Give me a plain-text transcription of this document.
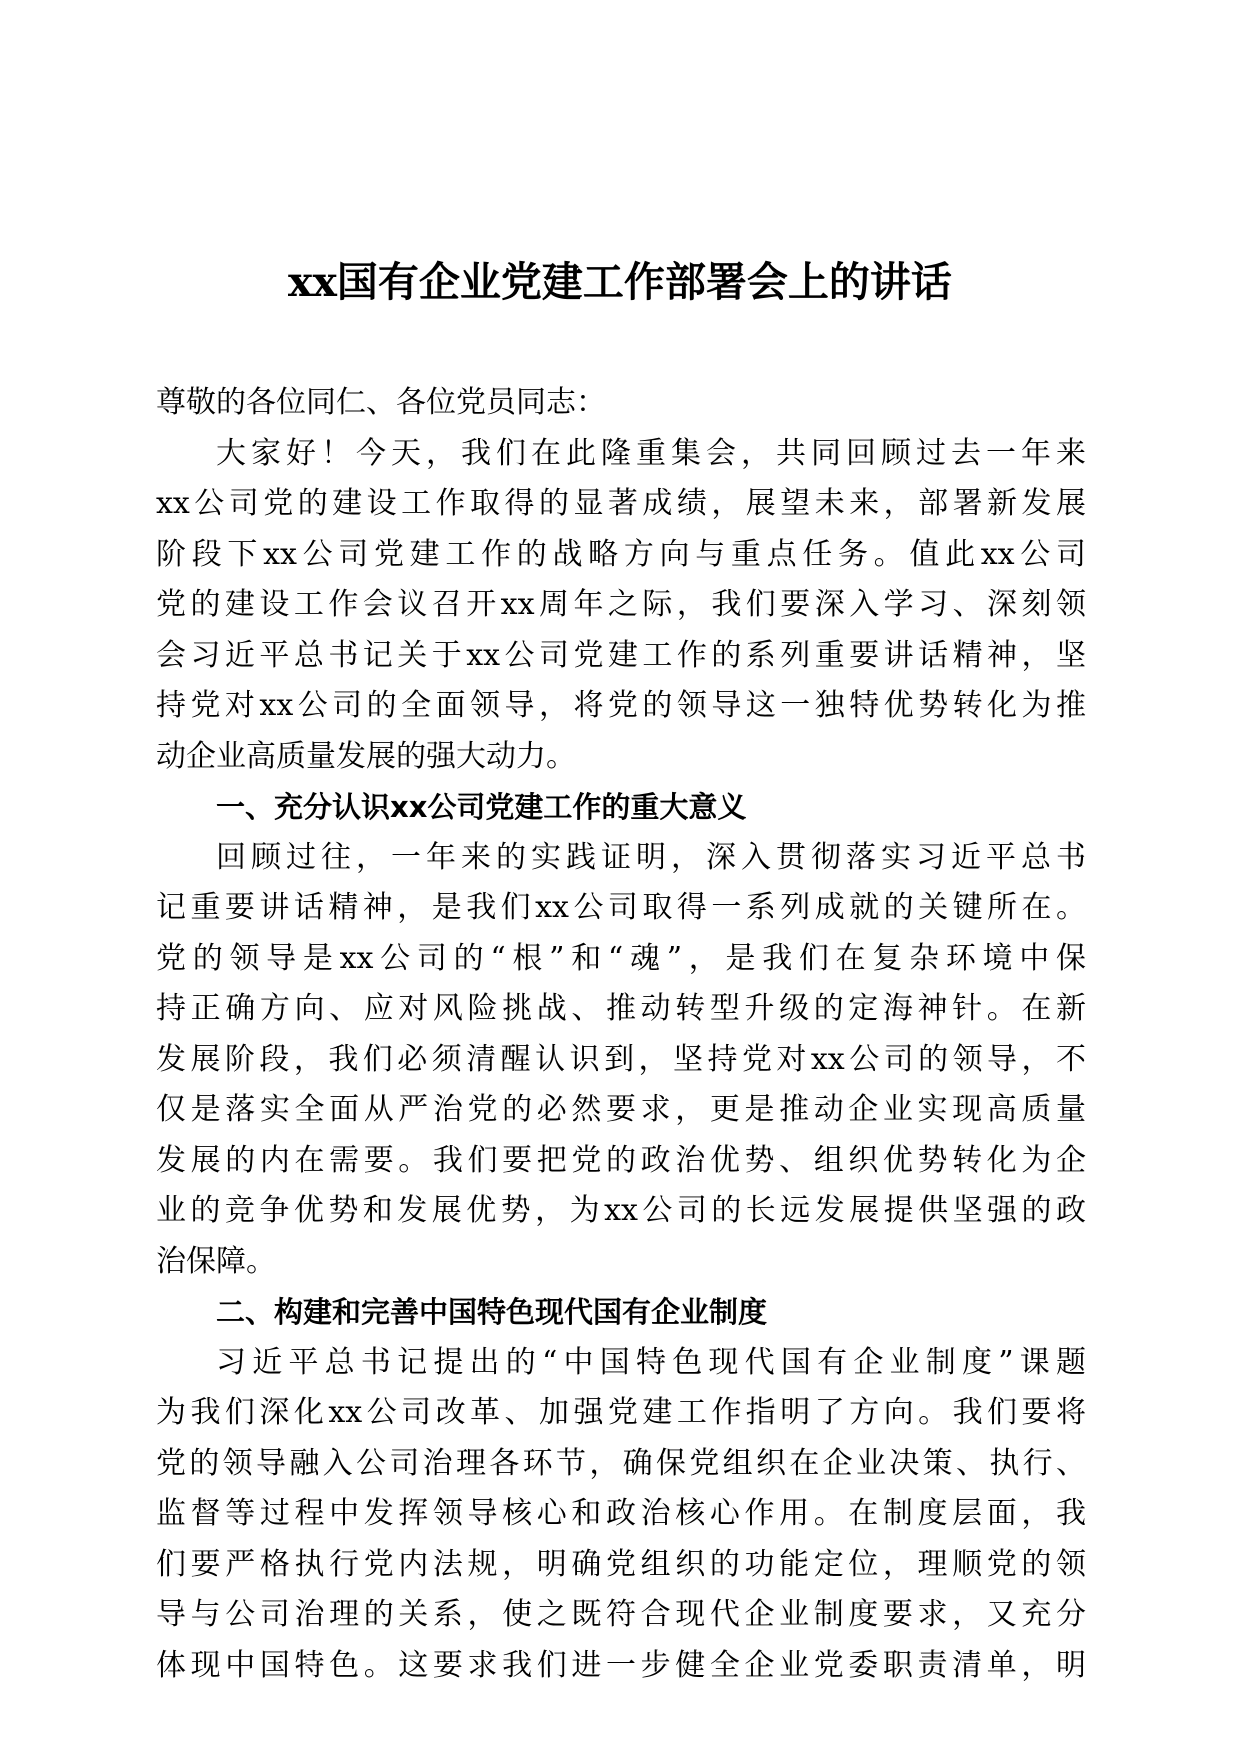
xx国有企业党建工作部署会上的讲话
尊敬的各位同仁、各位党员同志：
大家好！今天，我们在此隆重集会，共同回顾过去一年来
xx公司党的建设工作取得的显著成绩，展望未来，部署新发展
阶段下xx公司党建工作的战略方向与重点任务。值此xx公司
党的建设工作会议召开xx周年之际，我们要深入学习、深刻领
会习近平总书记关于xx公司党建工作的系列重要讲话精神，坚
持党对xx公司的全面领导，将党的领导这一独特优势转化为推
动企业高质量发展的强大动力。
一、充分认识xx公司党建工作的重大意义
回顾过往，一年来的实践证明，深入贯彻落实习近平总书
记重要讲话精神，是我们xx公司取得一系列成就的关键所在。
党的领导是xx公司的“根”和“魂”，是我们在复杂环境中保
持正确方向、应对风险挑战、推动转型升级的定海神针。在新
发展阶段，我们必须清醒认识到，坚持党对xx公司的领导，不
仅是落实全面从严治党的必然要求，更是推动企业实现高质量
发展的内在需要。我们要把党的政治优势、组织优势转化为企
业的竞争优势和发展优势，为xx公司的长远发展提供坚强的政
治保障。
二、构建和完善中国特色现代国有企业制度
习近平总书记提出的“中国特色现代国有企业制度”课题
为我们深化xx公司改革、加强党建工作指明了方向。我们要将
党的领导融入公司治理各环节，确保党组织在企业决策、执行、
监督等过程中发挥领导核心和政治核心作用。在制度层面，我
们要严格执行党内法规，明确党组织的功能定位，理顺党的领
导与公司治理的关系，使之既符合现代企业制度要求，又充分
体现中国特色。这要求我们进一步健全企业党委职责清单，明
